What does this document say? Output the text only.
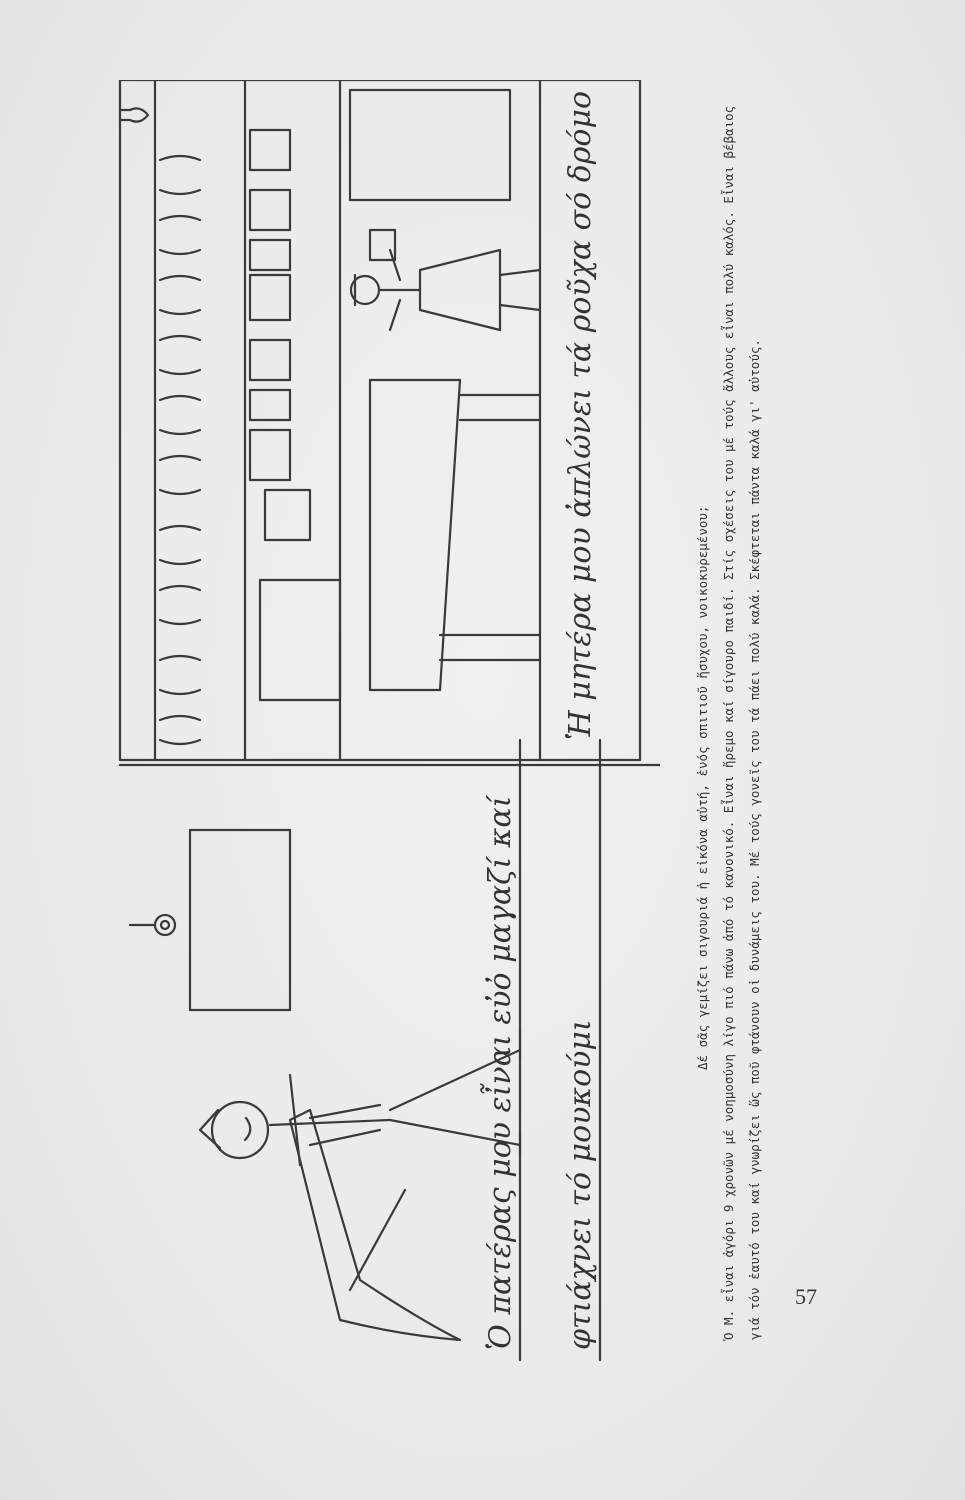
Ὁ πατέρας μου εἶναι εὐὀ μαγαζί καί φτιάχνει τό μουκούμι
Ἡ μητέρα μου ἀπλώνει τά ροῦχα σό δρόμο

Δέ σᾶς γεμίζει σιγουριά ἡ εἰκόνα αὐτή, ἑνός σπιτιοῦ ἥσυχου, νοικοκυρεμένου; Ὁ Μ. εἶναι ἀγόρι 9 χρονῶν μέ νοημοσύνη λίγο πιό πάνω ἀπό τό κανονικό. Εἶναι ἤρεμο καί σίγουρο παιδί. Στίς σχέσεις του μέ τούς ἄλλους εἶναι πολύ καλός. Εἶναι βέβαιος γιά τόν ἑαυτό του καί γνωρίζει ὥς ποῦ φτάνουν οἱ δυνάμεις του. Μέ τούς γονεῖς του τά πάει πολύ καλά. Σκέφτεται πάντα καλά γι' αὐτούς. 57
